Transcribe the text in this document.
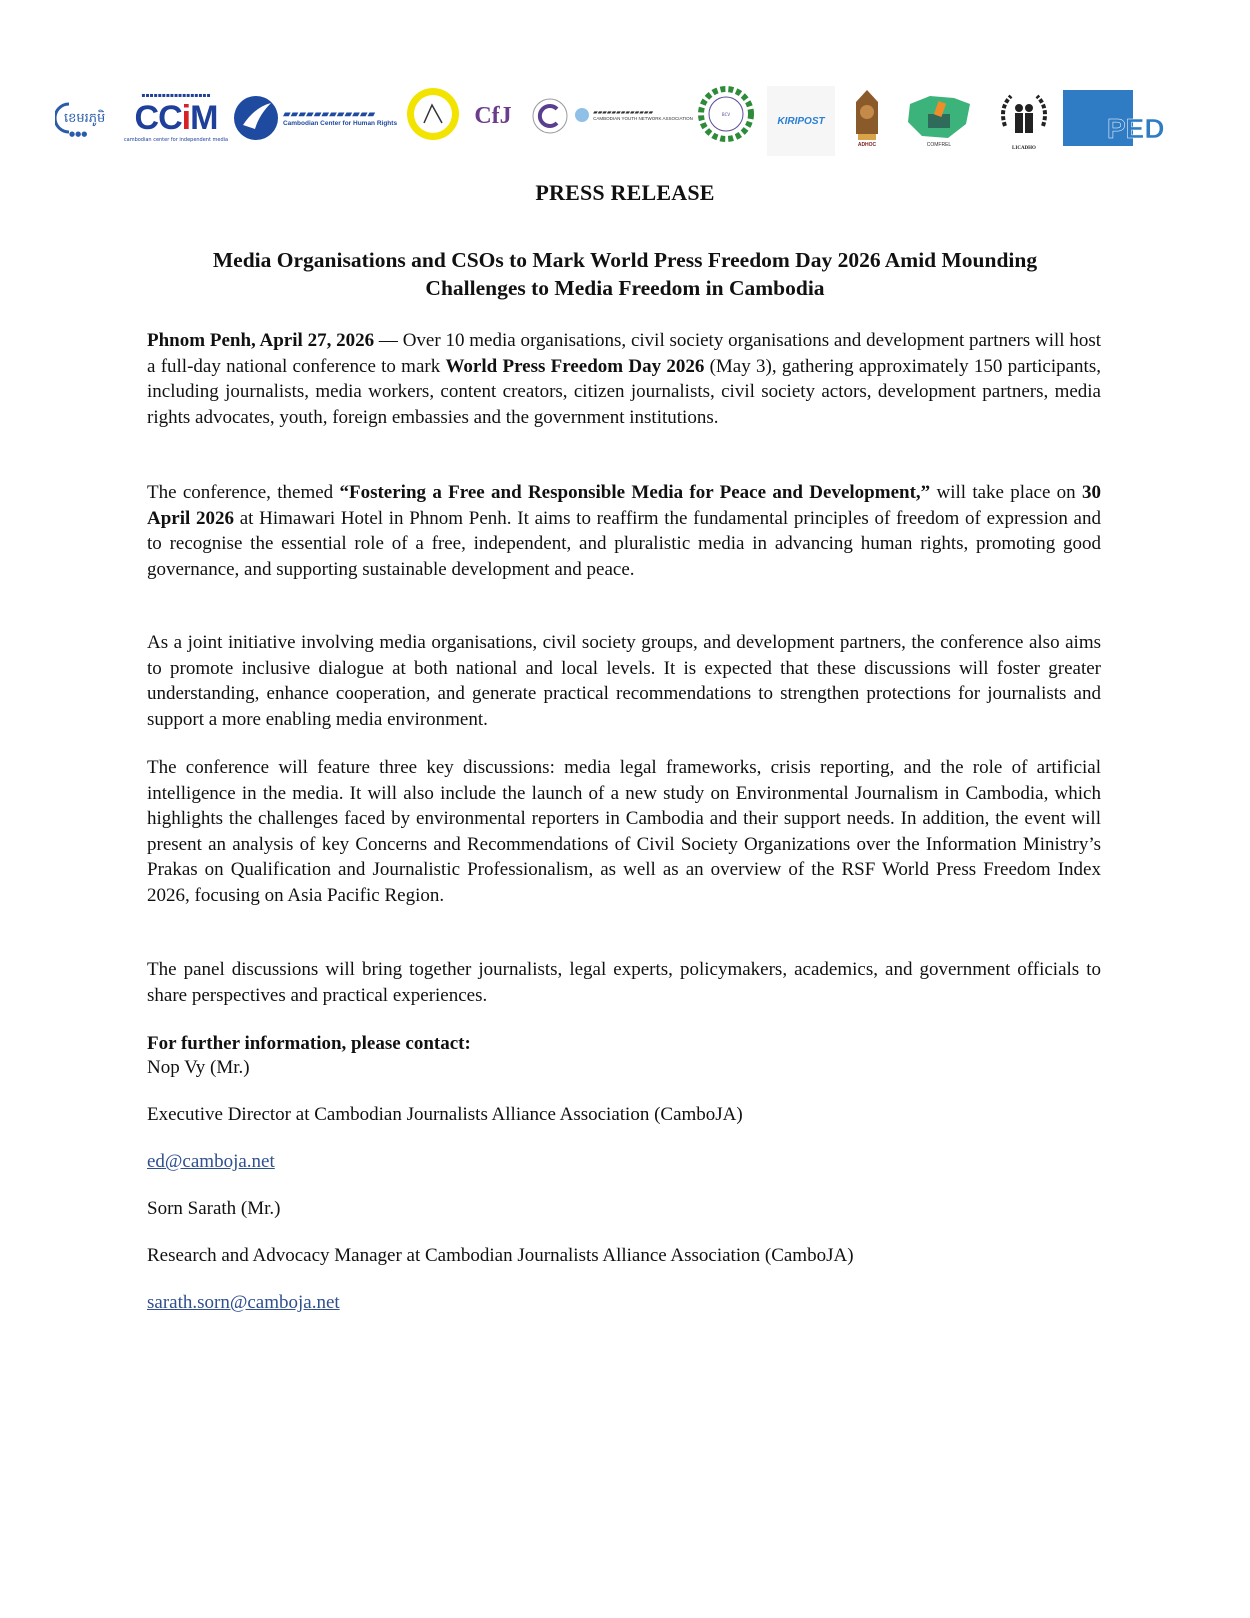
ខេមរភូមិ
●●●
▪▪▪▪▪▪▪▪▪▪▪▪▪▪▪▪▪
CCiM
cambodian center for independent media
▰▰▰▰▰▰▰▰▰▰▰▰
Cambodian Center for Human Rights	CfJ	▰▰▰▰▰▰▰▰▰▰▰▰▰
CAMBODIAN YOUTH NETWORK ASSOCIATION
BCV
KIRIPOST
ADHOC	COMFREL	LICADHO
PED
PRESS RELEASE
Media Organisations and CSOs to Mark World Press Freedom Day 2026 Amid Mounding
Challenges to Media Freedom in Cambodia

Phnom Penh, April 27, 2026 — Over 10 media organisations, civil society organisations and development partners will host a full-day national conference to mark World Press Freedom Day 2026 (May 3), gathering approximately 150 participants, including journalists, media workers, content creators, citizen journalists, civil society actors, development partners, media rights advocates, youth, foreign embassies and the government institutions.

The conference, themed “Fostering a Free and Responsible Media for Peace and Development,” will take place on 30 April 2026 at Himawari Hotel in Phnom Penh. It aims to reaffirm the fundamental principles of freedom of expression and to recognise the essential role of a free, independent, and pluralistic media in advancing human rights, promoting good governance, and supporting sustainable development and peace.

As a joint initiative involving media organisations, civil society groups, and development partners, the conference also aims to promote inclusive dialogue at both national and local levels. It is expected that these discussions will foster greater understanding, enhance cooperation, and generate practical recommendations to strengthen protections for journalists and support a more enabling media environment.

The conference will feature three key discussions: media legal frameworks, crisis reporting, and the role of artificial intelligence in the media. It will also include the launch of a new study on Environmental Journalism in Cambodia, which highlights the challenges faced by environmental reporters in Cambodia and their support needs. In addition, the event will present an analysis of key Concerns and Recommendations of Civil Society Organizations over the Information Ministry’s Prakas on Qualification and Journalistic Professionalism, as well as an overview of the RSF World Press Freedom Index 2026, focusing on Asia Pacific Region.

The panel discussions will bring together journalists, legal experts, policymakers, academics, and government officials to share perspectives and practical experiences.

For further information, please contact:
Nop Vy (Mr.)
Executive Director at Cambodian Journalists Alliance Association (CamboJA)
ed@camboja.net
Sorn Sarath (Mr.)
Research and Advocacy Manager at Cambodian Journalists Alliance Association (CamboJA)
sarath.sorn@camboja.net
